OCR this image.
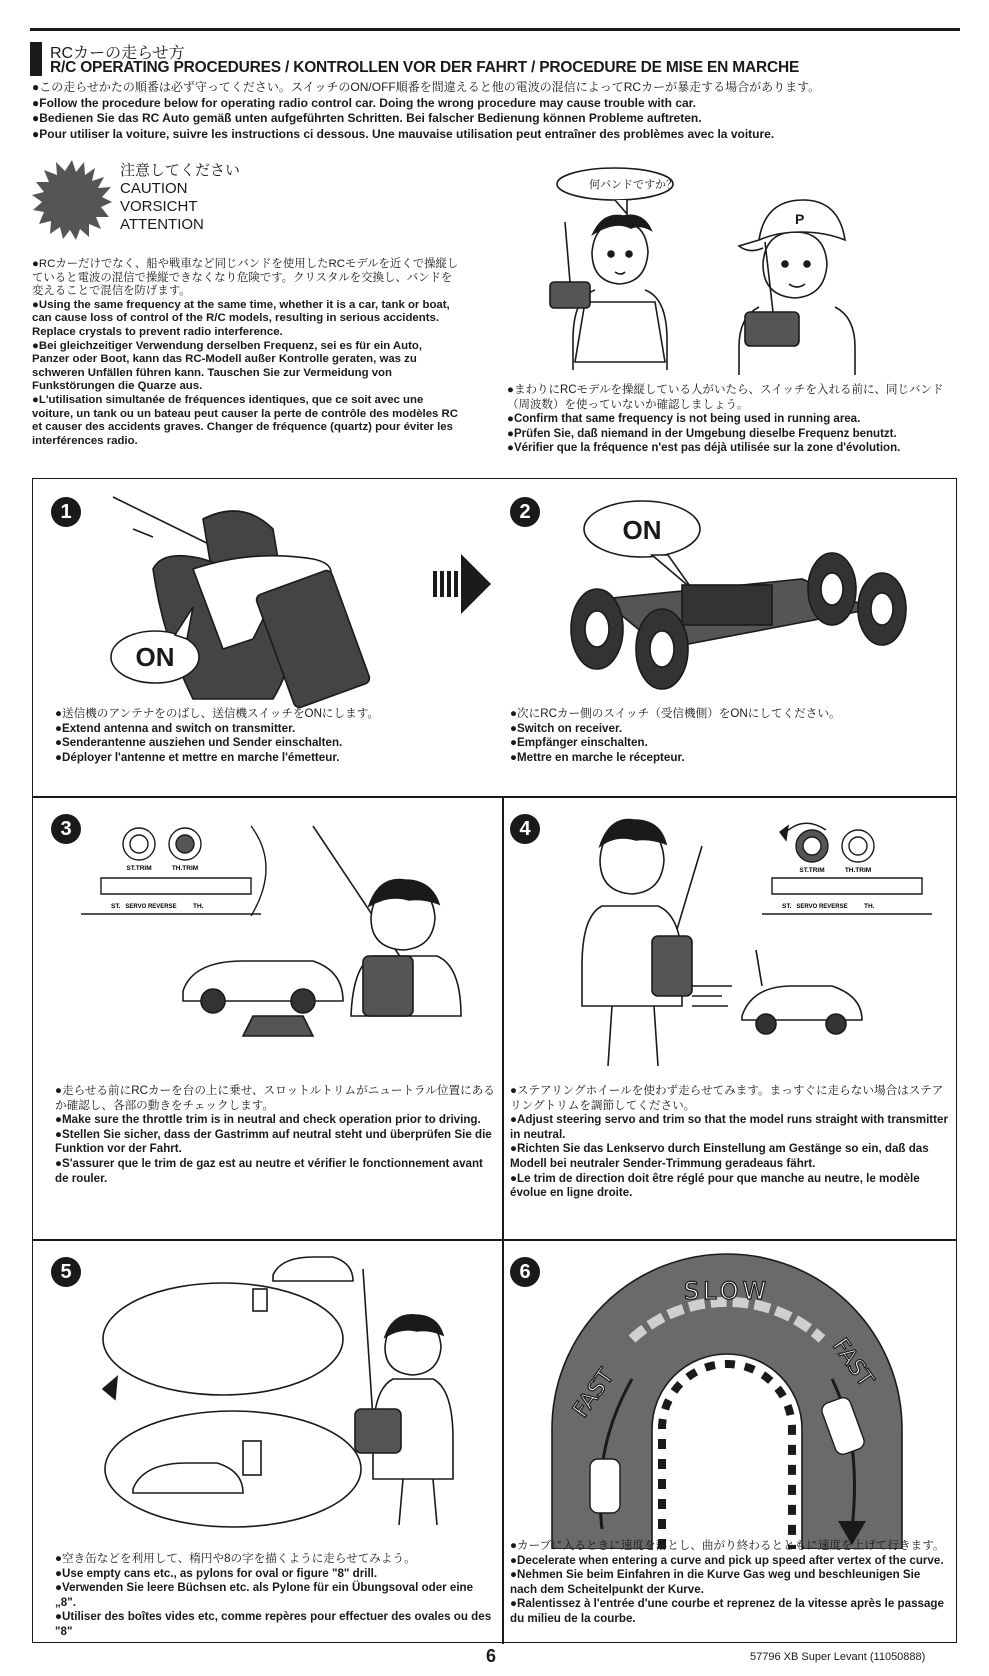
RCカーの走らせ方
R/C OPERATING PROCEDURES / KONTROLLEN VOR DER FAHRT / PROCEDURE DE MISE EN MARCHE

●この走らせかたの順番は必ず守ってください。スイッチのON/OFF順番を間違えると他の電波の混信によってRCカーが暴走する場合があります。

●Follow the procedure below for operating radio control car. Doing the wrong procedure may cause trouble with car.

●Bedienen Sie das RC Auto gemäß unten aufgeführten Schritten. Bei falscher Bedienung können Probleme auftreten.

●Pour utiliser la voiture, suivre les instructions ci dessous. Une mauvaise utilisation peut entraîner des problèmes avec la voiture.

注意してください
CAUTION
VORSICHT
ATTENTION

●RCカーだけでなく、船や戦車など同じバンドを使用したRCモデルを近くで操縦していると電波の混信で操縦できなくなり危険です。クリスタルを交換し、バンドを変えることで混信を防げます。

●Using the same frequency at the same time, whether it is a car, tank or boat, can cause loss of control of the R/C models, resulting in serious accidents. Replace crystals to prevent radio interference.

●Bei gleichzeitiger Verwendung derselben Frequenz, sei es für ein Auto, Panzer oder Boot, kann das RC-Modell außer Kontrolle geraten, was zu schweren Unfällen führen kann. Tauschen Sie zur Vermeidung von Funkstörungen die Quarze aus.

●L'utilisation simultanée de fréquences identiques, que ce soit avec une voiture, un tank ou un bateau peut causer la perte de contrôle des modèles RC et causer des accidents graves. Changer de fréquence (quartz) pour éviter les interférences radio.

何バンドですか？
P

●まわりにRCモデルを操縦している人がいたら、スイッチを入れる前に、同じバンド（周波数）を使っていないか確認しましょう。

●Confirm that same frequency is not being used in running area.

●Prüfen Sie, daß niemand in der Umgebung dieselbe Frequenz benutzt.

●Vérifier que la fréquence n'est pas déjà utilisée sur la zone d'évolution.

1
ON

●送信機のアンテナをのばし、送信機スイッチをONにします。

●Extend antenna and switch on transmitter.

●Senderantenne ausziehen und Sender einschalten.

●Déployer l'antenne et mettre en marche l'émetteur.

2
ON

●次にRCカー側のスイッチ（受信機側）をONにしてください。

●Switch on receiver.

●Empfänger einschalten.

●Mettre en marche le récepteur.

3
ST.TRIM	TH.TRIM
ST. SERVO REVERSE	TH.

●走らせる前にRCカーを台の上に乗せ、スロットルトリムがニュートラル位置にあるか確認し、各部の動きをチェックします。

●Make sure the throttle trim is in neutral and check operation prior to driving.

●Stellen Sie sicher, dass der Gastrimm auf neutral steht und überprüfen Sie die Funktion vor der Fahrt.

●S'assurer que le trim de gaz est au neutre et vérifier le fonctionnement avant de rouler.

4
ST.TRIM	TH.TRIM
ST. SERVO REVERSE	TH.

●ステアリングホイールを使わず走らせてみます。まっすぐに走らない場合はステアリングトリムを調節してください。

●Adjust steering servo and trim so that the model runs straight with transmitter in neutral.

●Richten Sie das Lenkservo durch Einstellung am Gestänge so ein, daß das Modell bei neutraler Sender-Trimmung geradeaus fährt.

●Le trim de direction doit être réglé pour que manche au neutre, le modèle évolue en ligne droite.

5

●空き缶などを利用して、楕円や8の字を描くように走らせてみよう。

●Use empty cans etc., as pylons for oval or figure "8" drill.

●Verwenden Sie leere Büchsen etc. als Pylone für ein Übungsoval oder eine „8".

●Utiliser des boîtes vides etc, comme repères pour effectuer des ovales ou des "8"

6
SLOW
FAST
FAST

●カーブに入るときに速度を落とし、曲がり終わるとともに速度を上げて行きます。

●Decelerate when entering a curve and pick up speed after vertex of the curve.

●Nehmen Sie beim Einfahren in die Kurve Gas weg und beschleunigen Sie nach dem Scheitelpunkt der Kurve.

●Ralentissez à l'entrée d'une courbe et reprenez de la vitesse après le passage du milieu de la courbe.

6	57796 XB Super Levant (11050888)
